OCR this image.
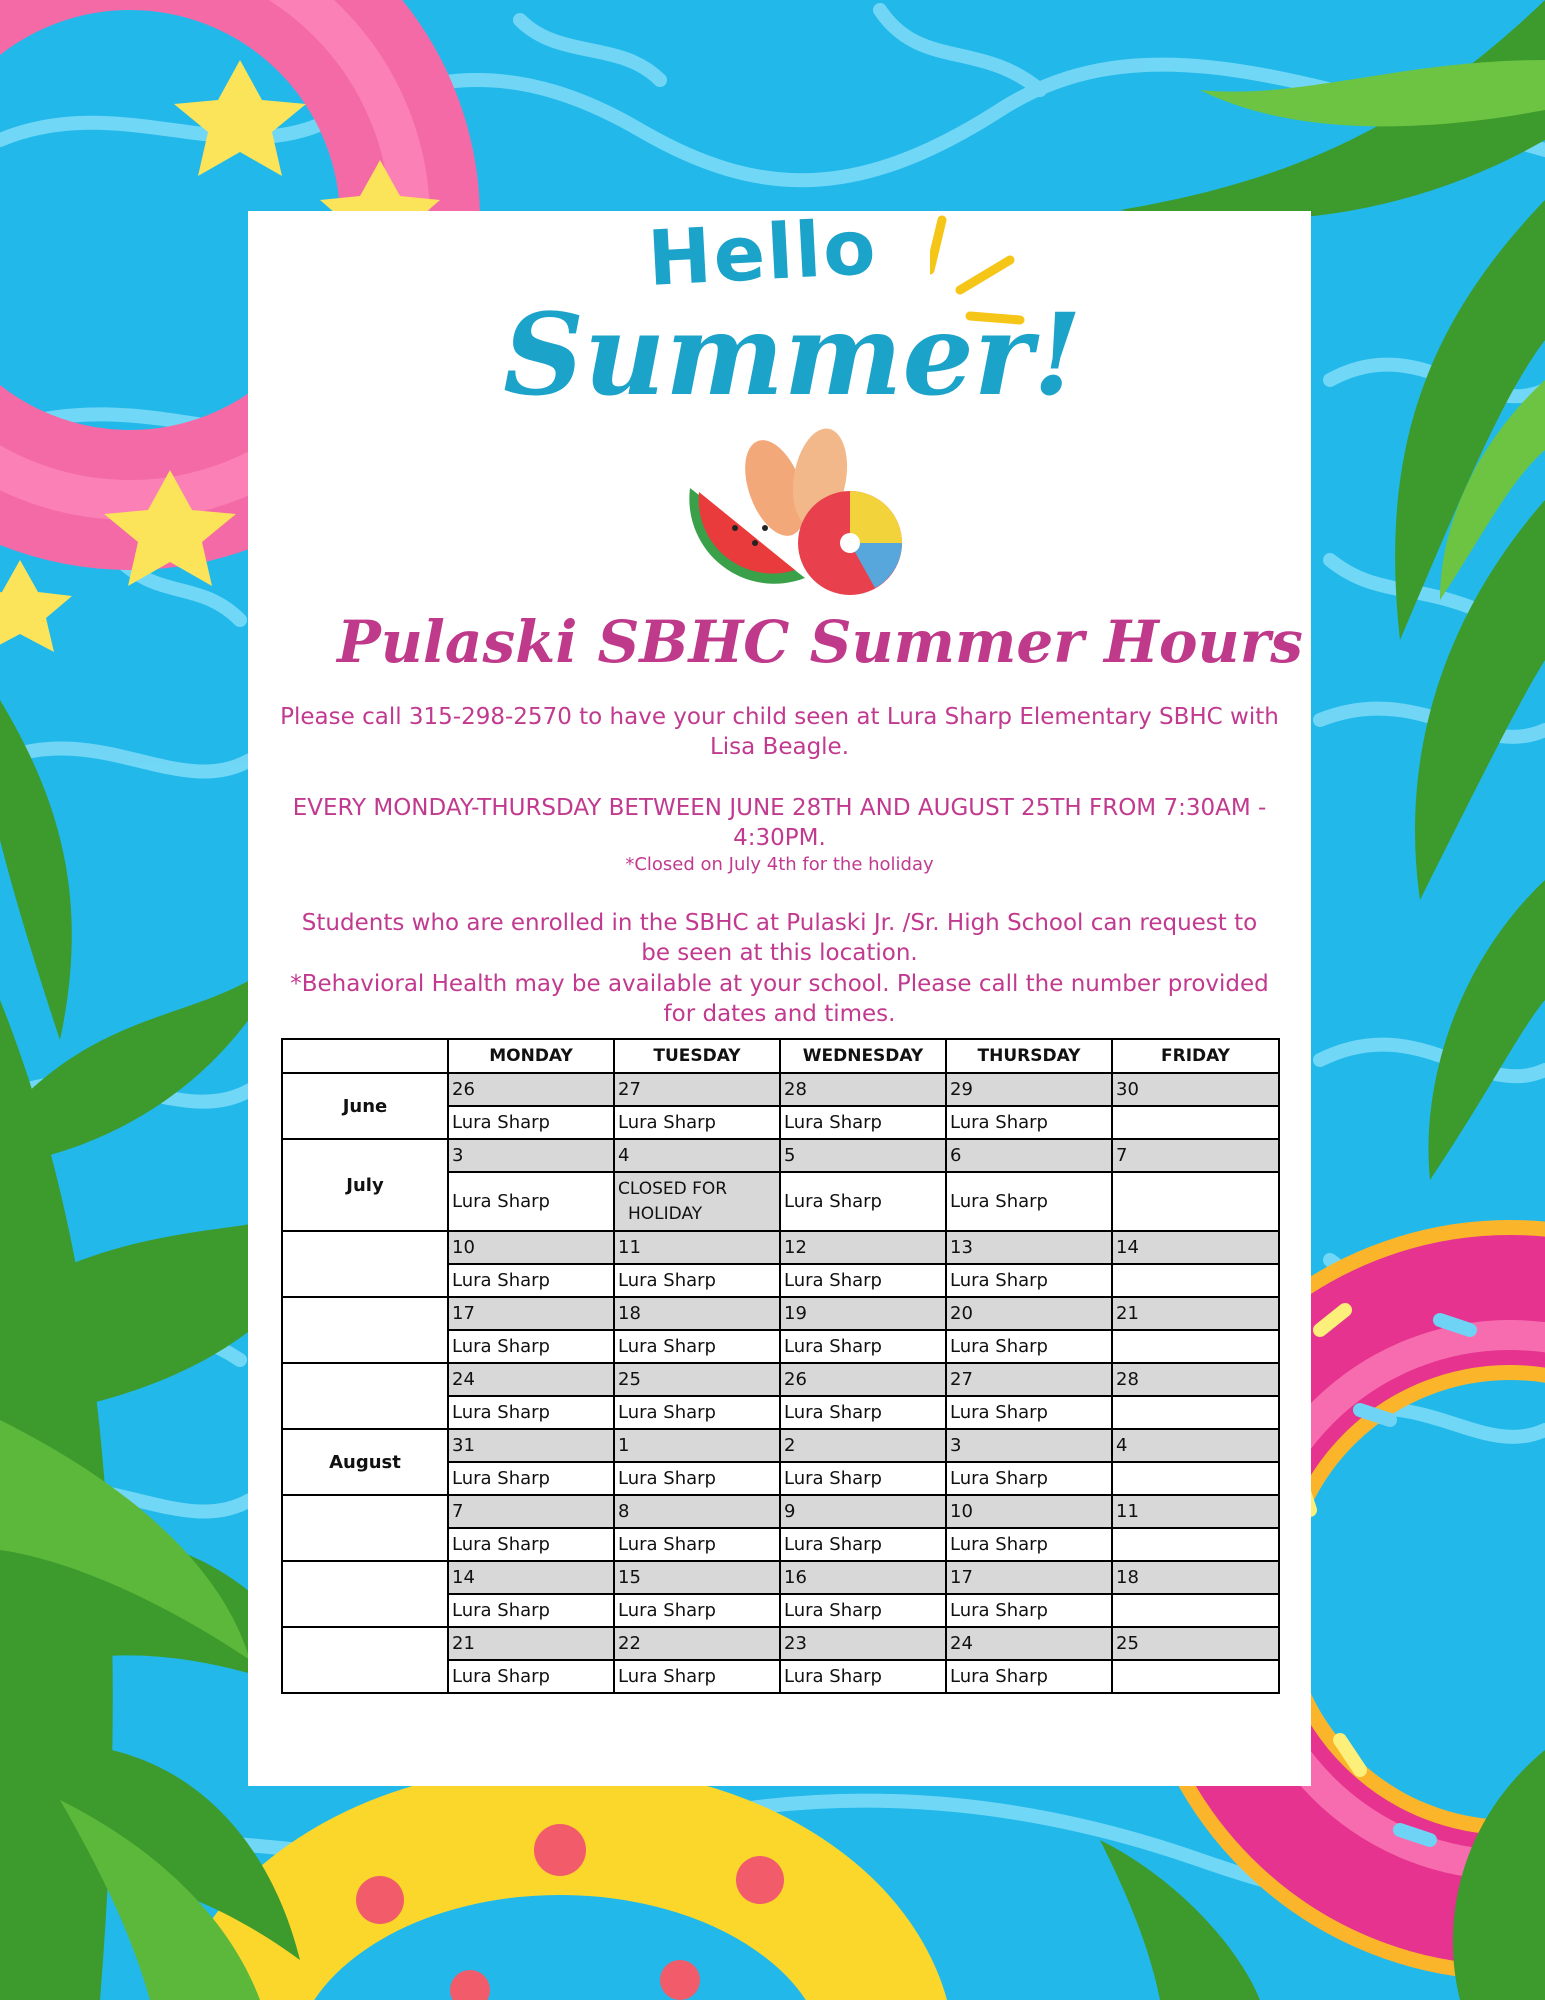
Hello
Summer!
Pulaski SBHC Summer Hours
Please call 315-298-2570 to have your child seen at Lura Sharp Elementary SBHC with
Lisa Beagle.
EVERY MONDAY-THURSDAY BETWEEN JUNE 28TH AND AUGUST 25TH FROM 7:30AM -
4:30PM.
*Closed on July 4th for the holiday
Students who are enrolled in the SBHC at Pulaski Jr. /Sr. High School can request to
be seen at this location.
*Behavioral Health may be available at your school. Please call the number provided
for dates and times.
	MONDAY	TUESDAY	WEDNESDAY	THURSDAY	FRIDAY
June	26	27	28	29	30
	Lura Sharp	Lura Sharp	Lura Sharp	Lura Sharp	
July	3	4	5	6	7
	Lura Sharp	CLOSED FOR
HOLIDAY	Lura Sharp	Lura Sharp	
	10	11	12	13	14
	Lura Sharp	Lura Sharp	Lura Sharp	Lura Sharp	
	17	18	19	20	21
	Lura Sharp	Lura Sharp	Lura Sharp	Lura Sharp	
	24	25	26	27	28
	Lura Sharp	Lura Sharp	Lura Sharp	Lura Sharp	
August	31	1	2	3	4
	Lura Sharp	Lura Sharp	Lura Sharp	Lura Sharp	
	7	8	9	10	11
	Lura Sharp	Lura Sharp	Lura Sharp	Lura Sharp	
	14	15	16	17	18
	Lura Sharp	Lura Sharp	Lura Sharp	Lura Sharp	
	21	22	23	24	25
	Lura Sharp	Lura Sharp	Lura Sharp	Lura Sharp	
